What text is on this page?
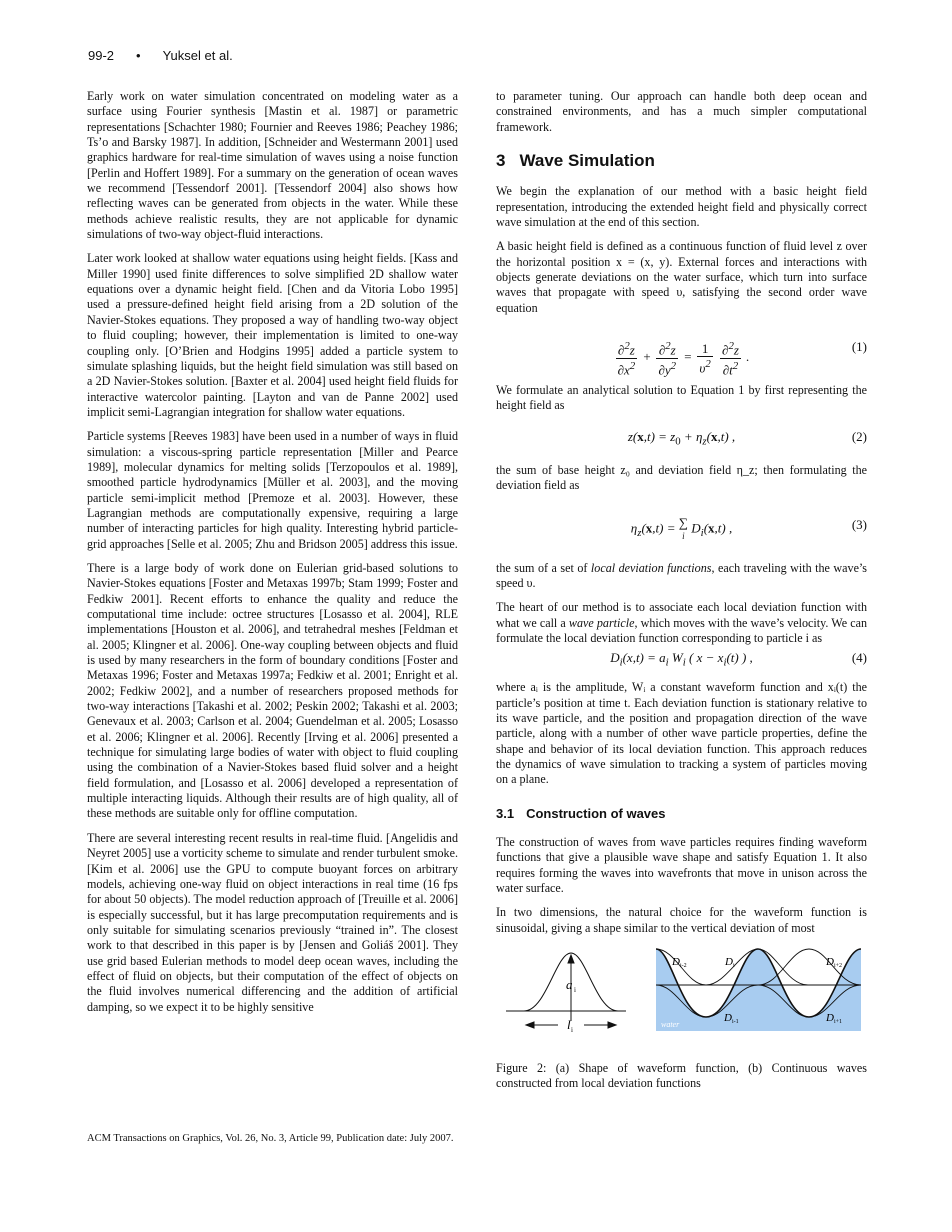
99-2 • Yuksel et al.

Early work on water simulation concentrated on modeling water as a surface using Fourier synthesis [Mastin et al. 1987] or parametric representations [Schachter 1980; Fournier and Reeves 1986; Peachey 1986; Ts’o and Barsky 1987]. In addition, [Schneider and Westermann 2001] used graphics hardware for real-time simulation of waves using a noise function [Perlin and Hoffert 1989]. For a summary on the generation of ocean waves we recommend [Tessendorf 2001]. [Tessendorf 2004] also shows how reflecting waves can be generated from objects in the water. While these methods achieve realistic results, they are not applicable for dynamic simulations of two-way object-fluid interactions.

Later work looked at shallow water equations using height fields. [Kass and Miller 1990] used finite differences to solve simplified 2D shallow water equations over a dynamic height field. [Chen and da Vitoria Lobo 1995] used a pressure-defined height field arising from a 2D solution of the Navier-Stokes equations. They proposed a way of handling two-way object to fluid coupling; however, their implementation is limited to one-way coupling only. [O’Brien and Hodgins 1995] added a particle system to simulate splashing liquids, but the height field simulation was still based on a 2D Navier-Stokes solution. [Baxter et al. 2004] used height field fluids for interactive watercolor painting. [Layton and van de Panne 2002] used implicit semi-Lagrangian integration for shallow water equations.

Particle systems [Reeves 1983] have been used in a number of ways in fluid simulation: a viscous-spring particle representation [Miller and Pearce 1989], molecular dynamics for melting solids [Terzopoulos et al. 1989], smoothed particle hydrodynamics [Müller et al. 2003], and the moving particle semi-implicit method [Premoze et al. 2003]. However, these Lagrangian methods are computationally expensive, requiring a large number of interacting particles for high quality. Interesting hybrid particle-grid approaches [Selle et al. 2005; Zhu and Bridson 2005] address this issue.

There is a large body of work done on Eulerian grid-based solutions to Navier-Stokes equations [Foster and Metaxas 1997b; Stam 1999; Foster and Fedkiw 2001]. Recent efforts to enhance the quality and reduce the computational time include: octree structures [Losasso et al. 2004], RLE implementations [Houston et al. 2006], and tetrahedral meshes [Feldman et al. 2005; Klingner et al. 2006]. One-way coupling between objects and fluid is used by many researchers in the form of boundary conditions [Foster and Metaxas 1996; Foster and Metaxas 1997a; Fedkiw et al. 2001; Enright et al. 2002; Fedkiw 2002], and a number of researchers proposed methods for two-way interactions [Takashi et al. 2002; Peskin 2002; Takashi et al. 2003; Genevaux et al. 2003; Carlson et al. 2004; Guendelman et al. 2005; Losasso et al. 2006; Klingner et al. 2006]. Recently [Irving et al. 2006] presented a technique for simulating large bodies of water with object to fluid coupling using the combination of a Navier-Stokes based fluid solver and a height field formulation, and [Losasso et al. 2006] developed a representation of multiple interacting liquids. Although their results are of high quality, all of these methods are suitable only for offline computation.

There are several interesting recent results in real-time fluid. [Angelidis and Neyret 2005] use a vorticity scheme to simulate and render turbulent smoke. [Kim et al. 2006] use the GPU to compute buoyant forces on arbitrary models, achieving one-way fluid on object interactions in real time (16 fps for about 50 objects). The model reduction approach of [Treuille et al. 2006] is especially successful, but it has large precomputation requirements and is only suitable for simulating scenarios previously “trained in”. The closest work to that described in this paper is by [Jensen and Goliáš 2001]. They use grid based Eulerian methods to model deep ocean waves, including the effect of fluid on objects, but their computation of the effect of objects on the fluid involves numerical differencing and the addition of artificial damping, so we expect it to be highly sensitive

to parameter tuning. Our approach can handle both deep ocean and constrained environments, and has a much simpler computational framework.

3 Wave Simulation

We begin the explanation of our method with a basic height field representation, introducing the extended height field and physically correct wave simulation at the end of this section.

A basic height field is defined as a continuous function of fluid level z over the horizontal position x = (x, y). External forces and interactions with objects generate deviations on the water surface, which turn into surface waves that propagate with speed υ, satisfying the second order wave equation

$\frac{\partial^2z}{\partial x^2} + \frac{\partial^2z}{\partial y^2} = \frac{1}{\upsilon^2}$
$\frac{\partial^2z}{\partial t^2}$ .
(1)

We formulate an analytical solution to Equation 1 by first representing the height field as

$z(x,t) = z_0 + \eta_z(x,t)$ ,	(2)

the sum of base height z₀ and deviation field η_z; then formulating the deviation field as

$\eta_z(x,t)$ = ∑
i $D_i(x,t)$ ,	(3)

the sum of a set of local deviation functions, each traveling with the wave’s speed υ.

The heart of our method is to associate each local deviation function with what we call a wave particle, which moves with the wave’s velocity. We can formulate the local deviation function corresponding to particle i as

$D_i(x,t) = a_i$ $W_i$ ( $x - x_i(t)$ ) ,	(4)

where aᵢ is the amplitude, Wᵢ a constant waveform function and xᵢ(t) the particle’s position at time t. Each deviation function is stationary relative to its wave particle, and the position and propagation direction of the wave particle, along with a number of other wave particle properties, define the shape and behavior of its local deviation function. This approach reduces the dynamics of wave simulation to tracking a system of particles moving on a plane.

3.1 Construction of waves

The construction of waves from wave particles requires finding waveform functions that give a plausible wave shape and satisfy Equation 1. It also requires forming the waves into wavefronts that move in unison across the water surface.

In two dimensions, the natural choice for the waveform function is sinusoidal, giving a shape similar to the vertical deviation of most

a i
l i
D i-2	D i	D i+2
D i-1	D i+1
water
Figure 2: (a) Shape of waveform function, (b) Continuous waves constructed from local deviation functions
ACM Transactions on Graphics, Vol. 26, No. 3, Article 99, Publication date: July 2007.
